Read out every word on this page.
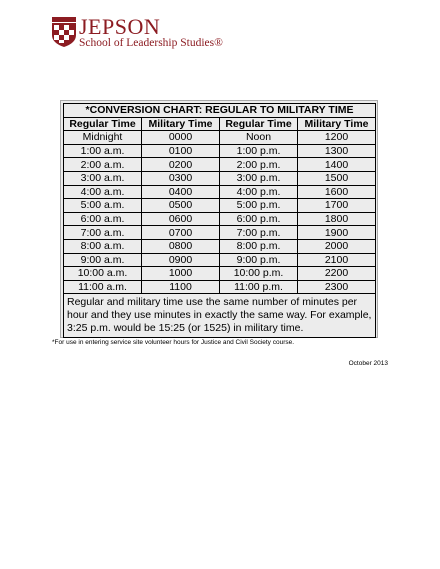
JEPSON
School of Leadership Studies®
*CONVERSION CHART: REGULAR TO MILITARY TIME			
Regular Time	Military Time	Regular Time	Military Time
Midnight	0000	Noon	1200
1:00 a.m.	0100	1:00 p.m.	1300
2:00 a.m.	0200	2:00 p.m.	1400
3:00 a.m.	0300	3:00 p.m.	1500
4:00 a.m.	0400	4:00 p.m.	1600
5:00 a.m.	0500	5:00 p.m.	1700
6:00 a.m.	0600	6:00 p.m.	1800
7:00 a.m.	0700	7:00 p.m.	1900
8:00 a.m.	0800	8:00 p.m.	2000
9:00 a.m.	0900	9:00 p.m.	2100
10:00 a.m.	1000	10:00 p.m.	2200
11:00 a.m.	1100	11:00 p.m.	2300
Regular and military time use the same number of minutes per hour and they use minutes in exactly the same way. For example, 3:25 p.m. would be 15:25 (or 1525) in military time.			
*For use in entering service site volunteer hours for Justice and Civil Society course.
October 2013
